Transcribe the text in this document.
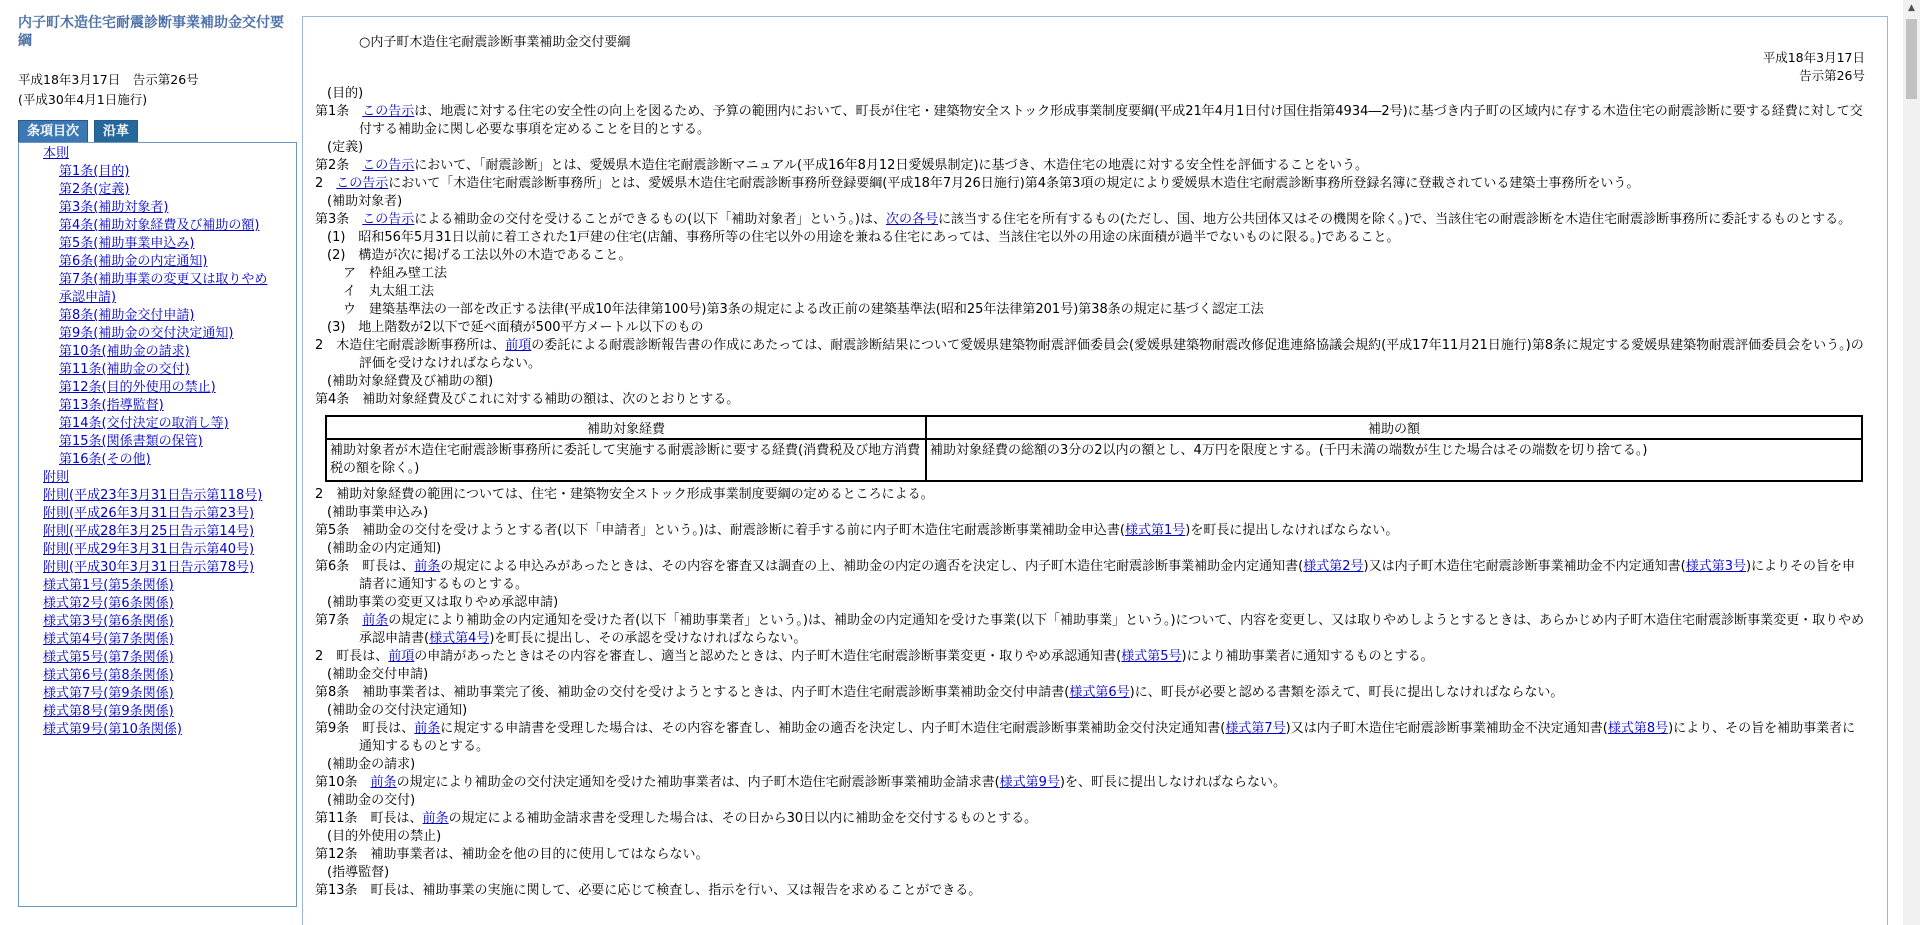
内子町木造住宅耐震診断事業補助金交付要綱
平成18年3月17日　告示第26号
(平成30年4月1日施行)
条項目次	沿革
本則
第1条(目的)
第2条(定義)
第3条(補助対象者)
第4条(補助対象経費及び補助の額)
第5条(補助事業申込み)
第6条(補助金の内定通知)
第7条(補助事業の変更又は取りやめ
承認申請)
第8条(補助金交付申請)
第9条(補助金の交付決定通知)
第10条(補助金の請求)
第11条(補助金の交付)
第12条(目的外使用の禁止)
第13条(指導監督)
第14条(交付決定の取消し等)
第15条(関係書類の保管)
第16条(その他)
附則
附則(平成23年3月31日告示第118号)
附則(平成26年3月31日告示第23号)
附則(平成28年3月25日告示第14号)
附則(平成29年3月31日告示第40号)
附則(平成30年3月31日告示第78号)
様式第1号(第5条関係)
様式第2号(第6条関係)
様式第3号(第6条関係)
様式第4号(第7条関係)
様式第5号(第7条関係)
様式第6号(第8条関係)
様式第7号(第9条関係)
様式第8号(第9条関係)
様式第9号(第10条関係)
○内子町木造住宅耐震診断事業補助金交付要綱
平成18年3月17日
告示第26号
(目的)
第1条　この告示は、地震に対する住宅の安全性の向上を図るため、予算の範囲内において、町長が住宅・建築物安全ストック形成事業制度要綱(平成21年4月1日付け国住指第4934―2号)に基づき内子町の区域内に存する木造住宅の耐震診断に要する経費に対して交付する補助金に関し必要な事項を定めることを目的とする。
(定義)
第2条　この告示において、「耐震診断」とは、愛媛県木造住宅耐震診断マニュアル(平成16年8月12日愛媛県制定)に基づき、木造住宅の地震に対する安全性を評価することをいう。
2　この告示において「木造住宅耐震診断事務所」とは、愛媛県木造住宅耐震診断事務所登録要綱(平成18年7月26日施行)第4条第3項の規定により愛媛県木造住宅耐震診断事務所登録名簿に登載されている建築士事務所をいう。
(補助対象者)
第3条　この告示による補助金の交付を受けることができるもの(以下「補助対象者」という。)は、次の各号に該当する住宅を所有するもの(ただし、国、地方公共団体又はその機関を除く。)で、当該住宅の耐震診断を木造住宅耐震診断事務所に委託するものとする。
(1)　昭和56年5月31日以前に着工された1戸建の住宅(店舗、事務所等の住宅以外の用途を兼ねる住宅にあっては、当該住宅以外の用途の床面積が過半でないものに限る。)であること。
(2)　構造が次に掲げる工法以外の木造であること。
ア　枠組み壁工法
イ　丸太組工法
ウ　建築基準法の一部を改正する法律(平成10年法律第100号)第3条の規定による改正前の建築基準法(昭和25年法律第201号)第38条の規定に基づく認定工法
(3)　地上階数が2以下で延べ面積が500平方メートル以下のもの
2　木造住宅耐震診断事務所は、前項の委託による耐震診断報告書の作成にあたっては、耐震診断結果について愛媛県建築物耐震評価委員会(愛媛県建築物耐震改修促進連絡協議会規約(平成17年11月21日施行)第8条に規定する愛媛県建築物耐震評価委員会をいう。)の評価を受けなければならない。
(補助対象経費及び補助の額)
第4条　補助対象経費及びこれに対する補助の額は、次のとおりとする。
補助対象経費	補助の額
補助対象者が木造住宅耐震診断事務所に委託して実施する耐震診断に要する経費(消費税及び地方消費税の額を除く。)	補助対象経費の総額の3分の2以内の額とし、4万円を限度とする。(千円未満の端数が生じた場合はその端数を切り捨てる。)
2　補助対象経費の範囲については、住宅・建築物安全ストック形成事業制度要綱の定めるところによる。
(補助事業申込み)
第5条　補助金の交付を受けようとする者(以下「申請者」という。)は、耐震診断に着手する前に内子町木造住宅耐震診断事業補助金申込書(様式第1号)を町長に提出しなければならない。
(補助金の内定通知)
第6条　町長は、前条の規定による申込みがあったときは、その内容を審査又は調査の上、補助金の内定の適否を決定し、内子町木造住宅耐震診断事業補助金内定通知書(様式第2号)又は内子町木造住宅耐震診断事業補助金不内定通知書(様式第3号)によりその旨を申請者に通知するものとする。
(補助事業の変更又は取りやめ承認申請)
第7条　前条の規定により補助金の内定通知を受けた者(以下「補助事業者」という。)は、補助金の内定通知を受けた事業(以下「補助事業」という。)について、内容を変更し、又は取りやめしようとするときは、あらかじめ内子町木造住宅耐震診断事業変更・取りやめ承認申請書(様式第4号)を町長に提出し、その承認を受けなければならない。
2　町長は、前項の申請があったときはその内容を審査し、適当と認めたときは、内子町木造住宅耐震診断事業変更・取りやめ承認通知書(様式第5号)により補助事業者に通知するものとする。
(補助金交付申請)
第8条　補助事業者は、補助事業完了後、補助金の交付を受けようとするときは、内子町木造住宅耐震診断事業補助金交付申請書(様式第6号)に、町長が必要と認める書類を添えて、町長に提出しなければならない。
(補助金の交付決定通知)
第9条　町長は、前条に規定する申請書を受理した場合は、その内容を審査し、補助金の適否を決定し、内子町木造住宅耐震診断事業補助金交付決定通知書(様式第7号)又は内子町木造住宅耐震診断事業補助金不決定通知書(様式第8号)により、その旨を補助事業者に通知するものとする。
(補助金の請求)
第10条　前条の規定により補助金の交付決定通知を受けた補助事業者は、内子町木造住宅耐震診断事業補助金請求書(様式第9号)を、町長に提出しなければならない。
(補助金の交付)
第11条　町長は、前条の規定による補助金請求書を受理した場合は、その日から30日以内に補助金を交付するものとする。
(目的外使用の禁止)
第12条　補助事業者は、補助金を他の目的に使用してはならない。
(指導監督)
第13条　町長は、補助事業の実施に関して、必要に応じて検査し、指示を行い、又は報告を求めることができる。
▲
